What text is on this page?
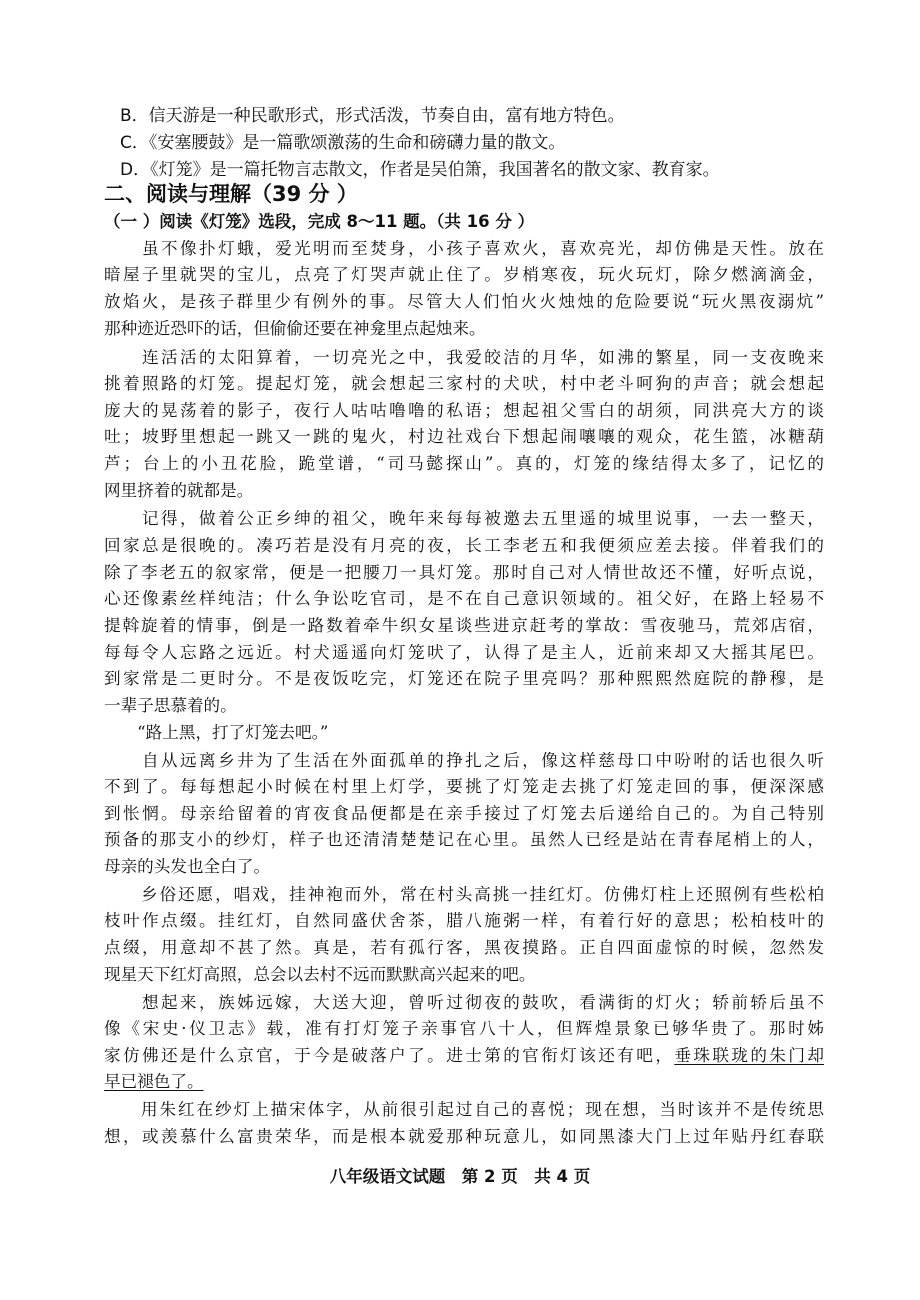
B．信天游是一种民歌形式，形式活泼，节奏自由，富有地方特色。
C．《安塞腰鼓》是一篇歌颂激荡的生命和磅礴力量的散文。
D．《灯笼》是一篇托物言志散文，作者是吴伯箫，我国著名的散文家、教育家。
二、阅读与理解（39 分 ）
（一 ）阅读《灯笼》选段，完成 8～11 题。（共 16 分 ）
　　虽不像扑灯蛾，爱光明而至焚身，小孩子喜欢火，喜欢亮光，却仿佛是天性。放在
暗屋子里就哭的宝儿，点亮了灯哭声就止住了。岁梢寒夜，玩火玩灯，除夕燃滴滴金，
放焰火，是孩子群里少有例外的事。尽管大人们怕火火烛烛的危险要说“玩火黑夜溺炕”
那种迹近恐吓的话，但偷偷还要在神龛里点起烛来。
　　连活活的太阳算着，一切亮光之中，我爱皎洁的月华，如沸的繁星，同一支夜晚来
挑着照路的灯笼。提起灯笼，就会想起三家村的犬吠，村中老斗呵狗的声音；就会想起
庞大的晃荡着的影子，夜行人咕咕噜噜的私语；想起祖父雪白的胡须，同洪亮大方的谈
吐；坡野里想起一跳又一跳的鬼火，村边社戏台下想起闹嚷嚷的观众，花生篮，冰糖葫
芦；台上的小丑花脸，跪堂谱，“司马懿探山”。真的，灯笼的缘结得太多了，记忆的
网里挤着的就都是。
　　记得，做着公正乡绅的祖父，晚年来每每被邀去五里遥的城里说事，一去一整天，
回家总是很晚的。凑巧若是没有月亮的夜，长工李老五和我便须应差去接。伴着我们的
除了李老五的叙家常，便是一把腰刀一具灯笼。那时自己对人情世故还不懂，好听点说，
心还像素丝样纯洁；什么争讼吃官司，是不在自己意识领域的。祖父好，在路上轻易不
提斡旋着的情事，倒是一路数着牵牛织女星谈些进京赶考的掌故：雪夜驰马，荒郊店宿，
每每令人忘路之远近。村犬遥遥向灯笼吠了，认得了是主人，近前来却又大摇其尾巴。
到家常是二更时分。不是夜饭吃完，灯笼还在院子里亮吗？那种熙熙然庭院的静穆，是
一辈子思慕着的。
　　“路上黑，打了灯笼去吧。”
　　自从远离乡井为了生活在外面孤单的挣扎之后，像这样慈母口中吩咐的话也很久听
不到了。每每想起小时候在村里上灯学，要挑了灯笼走去挑了灯笼走回的事，便深深感
到怅惘。母亲给留着的宵夜食品便都是在亲手接过了灯笼去后递给自己的。为自己特别
预备的那支小的纱灯，样子也还清清楚楚记在心里。虽然人已经是站在青春尾梢上的人，
母亲的头发也全白了。
　　乡俗还愿，唱戏，挂神袍而外，常在村头高挑一挂红灯。仿佛灯柱上还照例有些松柏
枝叶作点缀。挂红灯，自然同盛伏舍茶，腊八施粥一样，有着行好的意思；松柏枝叶的
点缀，用意却不甚了然。真是，若有孤行客，黑夜摸路。正自四面虚惊的时候，忽然发
现星天下红灯高照，总会以去村不远而默默高兴起来的吧。
　　想起来，族姊远嫁，大送大迎，曾听过彻夜的鼓吹，看满街的灯火；轿前轿后虽不
像《宋史·仪卫志》载，准有打灯笼子亲事官八十人，但辉煌景象已够华贵了。那时姊
家仿佛还是什么京官，于今是破落户了。进士第的官衔灯该还有吧，垂珠联珑的朱门却
早已褪色了。
　　用朱红在纱灯上描宋体字，从前很引起过自己的喜悦；现在想，当时该并不是传统思
想，或羡慕什么富贵荣华，而是根本就爱那种玩意儿，如同黑漆大门上过年贴丹红春联
八年级语文试题　第 2 页　共 4 页
